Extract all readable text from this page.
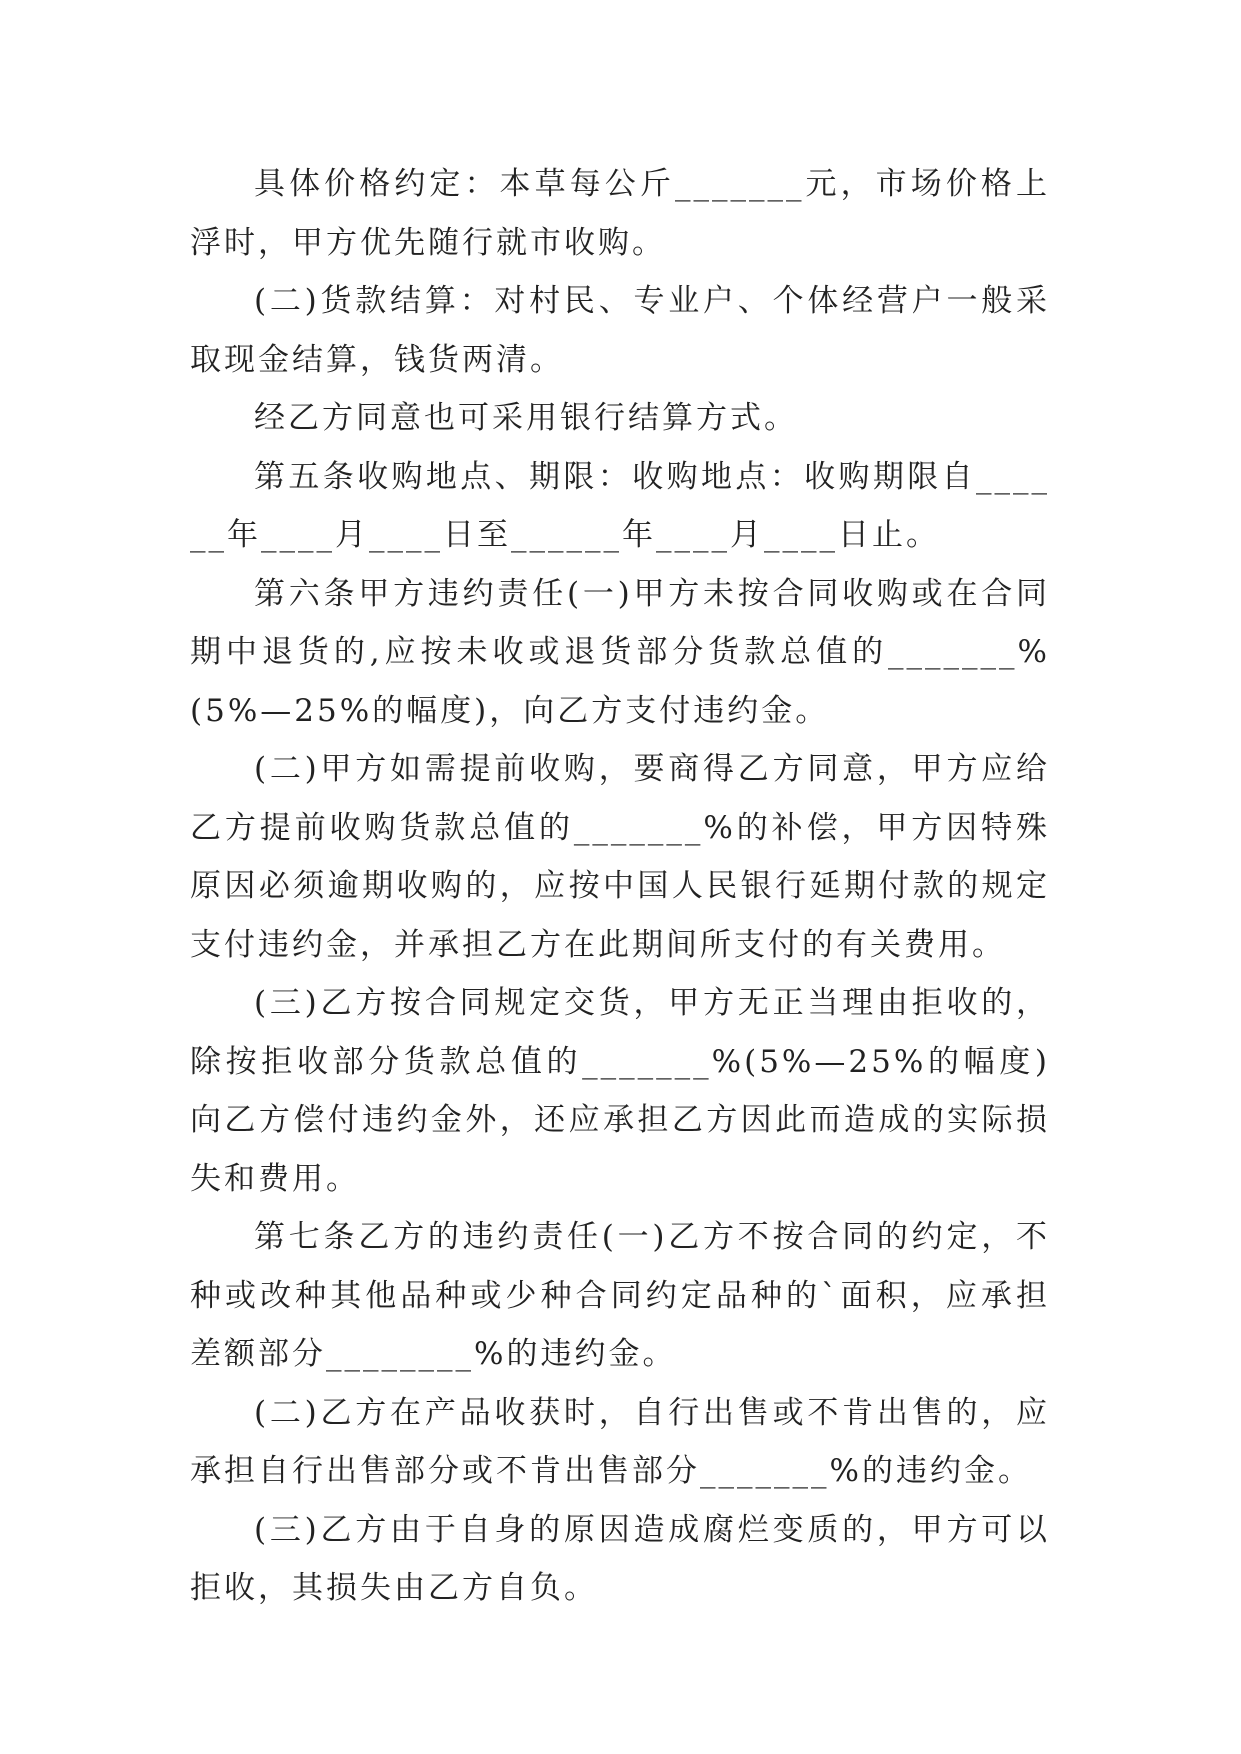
具体价格约定：本草每公斤_______元，市场价格上浮时，甲方优先随行就市收购。

(二)货款结算：对村民、专业户、个体经营户一般采取现金结算，钱货两清。

经乙方同意也可采用银行结算方式。

第五条收购地点、期限：收购地点：收购期限自______年____月____日至______年____月____日止。

第六条甲方违约责任(一)甲方未按合同收购或在合同期中退货的,应按未收或退货部分货款总值的_______%(5%—25%的幅度)，向乙方支付违约金。

(二)甲方如需提前收购，要商得乙方同意，甲方应给乙方提前收购货款总值的_______%的补偿，甲方因特殊原因必须逾期收购的，应按中国人民银行延期付款的规定支付违约金，并承担乙方在此期间所支付的有关费用。

(三)乙方按合同规定交货，甲方无正当理由拒收的，除按拒收部分货款总值的_______%(5%—25%的幅度)向乙方偿付违约金外，还应承担乙方因此而造成的实际损失和费用。

第七条乙方的违约责任(一)乙方不按合同的约定，不种或改种其他品种或少种合同约定品种的`面积，应承担差额部分________%的违约金。

(二)乙方在产品收获时，自行出售或不肯出售的，应承担自行出售部分或不肯出售部分_______%的违约金。

(三)乙方由于自身的原因造成腐烂变质的，甲方可以拒收，其损失由乙方自负。
